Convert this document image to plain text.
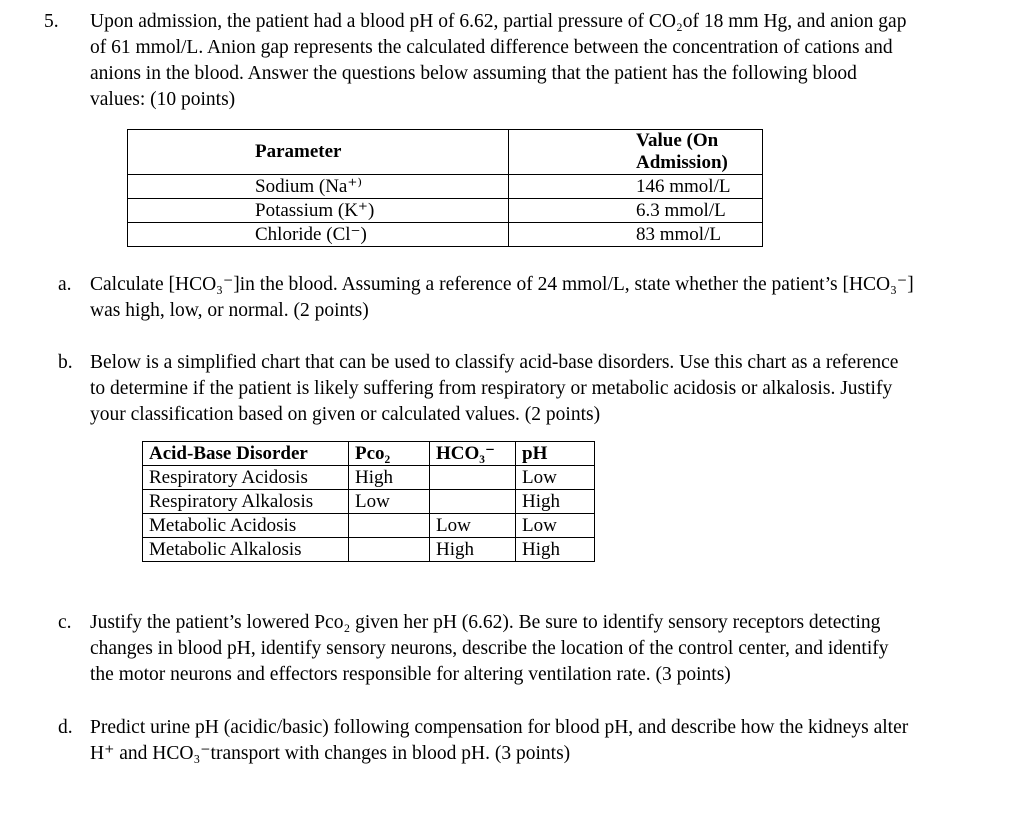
5. Upon admission, the patient had a blood pH of 6.62, partial pressure of CO₂of 18 mm Hg, and anion gap

of 61 mmol/L. Anion gap represents the calculated difference between the concentration of cations and

anions in the blood. Answer the questions below assuming that the patient has the following blood

values: (10 points)

Parameter	Value (On Admission)
Sodium (Na⁺⁾	146 mmol/L
Potassium (K⁺)	6.3 mmol/L
Chloride (Cl⁻)	83 mmol/L
a. Calculate [HCO₃⁻]in the blood. Assuming a reference of 24 mmol/L, state whether the patient’s [HCO₃⁻]

was high, low, or normal. (2 points)

b. Below is a simplified chart that can be used to classify acid-base disorders. Use this chart as a reference

to determine if the patient is likely suffering from respiratory or metabolic acidosis or alkalosis. Justify

your classification based on given or calculated values. (2 points)

Acid-Base Disorder	Pco₂	HCO₃⁻	pH
Respiratory Acidosis	High		Low
Respiratory Alkalosis	Low		High
Metabolic Acidosis		Low	Low
Metabolic Alkalosis		High	High
c. Justify the patient’s lowered Pco₂ given her pH (6.62). Be sure to identify sensory receptors detecting

changes in blood pH, identify sensory neurons, describe the location of the control center, and identify

the motor neurons and effectors responsible for altering ventilation rate. (3 points)

d. Predict urine pH (acidic/basic) following compensation for blood pH, and describe how the kidneys alter

H⁺ and HCO₃⁻transport with changes in blood pH. (3 points)
